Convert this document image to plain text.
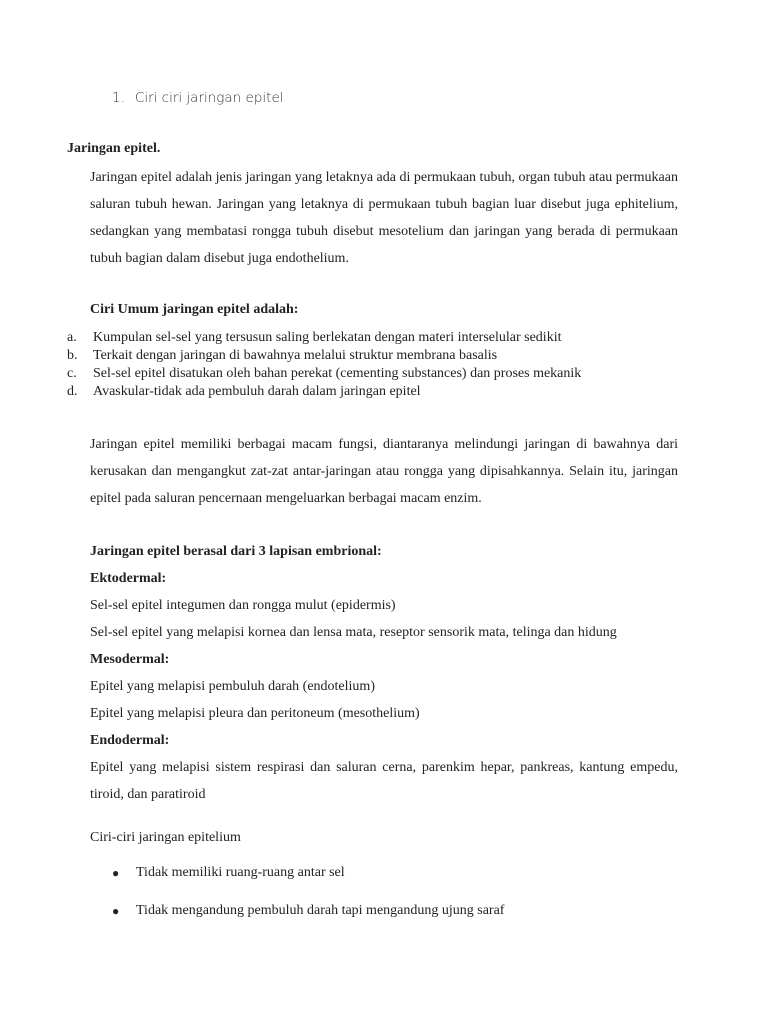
1. Ciri ciri jaringan epitel
Jaringan epitel.
Jaringan epitel adalah jenis jaringan yang letaknya ada di permukaan tubuh, organ tubuh atau permukaan saluran tubuh hewan. Jaringan yang letaknya di permukaan tubuh bagian luar disebut juga ephitelium, sedangkan yang membatasi rongga tubuh disebut mesotelium dan jaringan yang berada di permukaan tubuh bagian dalam disebut juga endothelium.
Ciri Umum jaringan epitel adalah:
a.	Kumpulan sel-sel yang tersusun saling berlekatan dengan materi interselular sedikit
b.	Terkait dengan jaringan di bawahnya melalui struktur membrana basalis
c.	Sel-sel epitel disatukan oleh bahan perekat (cementing substances) dan proses mekanik
d.	Avaskular-tidak ada pembuluh darah dalam jaringan epitel
Jaringan epitel memiliki berbagai macam fungsi, diantaranya melindungi jaringan di bawahnya dari kerusakan dan mengangkut zat-zat antar-jaringan atau rongga yang dipisahkannya. Selain itu, jaringan epitel pada saluran pencernaan mengeluarkan berbagai macam enzim.
Jaringan epitel berasal dari 3 lapisan embrional:
Ektodermal:
Sel-sel epitel integumen dan rongga mulut (epidermis)
Sel-sel epitel yang melapisi kornea dan lensa mata, reseptor sensorik mata, telinga dan hidung
Mesodermal:
Epitel yang melapisi pembuluh darah (endotelium)
Epitel yang melapisi pleura dan peritoneum (mesothelium)
Endodermal:
Epitel yang melapisi sistem respirasi dan saluran cerna, parenkim hepar, pankreas, kantung empedu, tiroid, dan paratiroid
Ciri-ciri jaringan epitelium
●	Tidak memiliki ruang-ruang antar sel
●	Tidak mengandung pembuluh darah tapi mengandung ujung saraf
